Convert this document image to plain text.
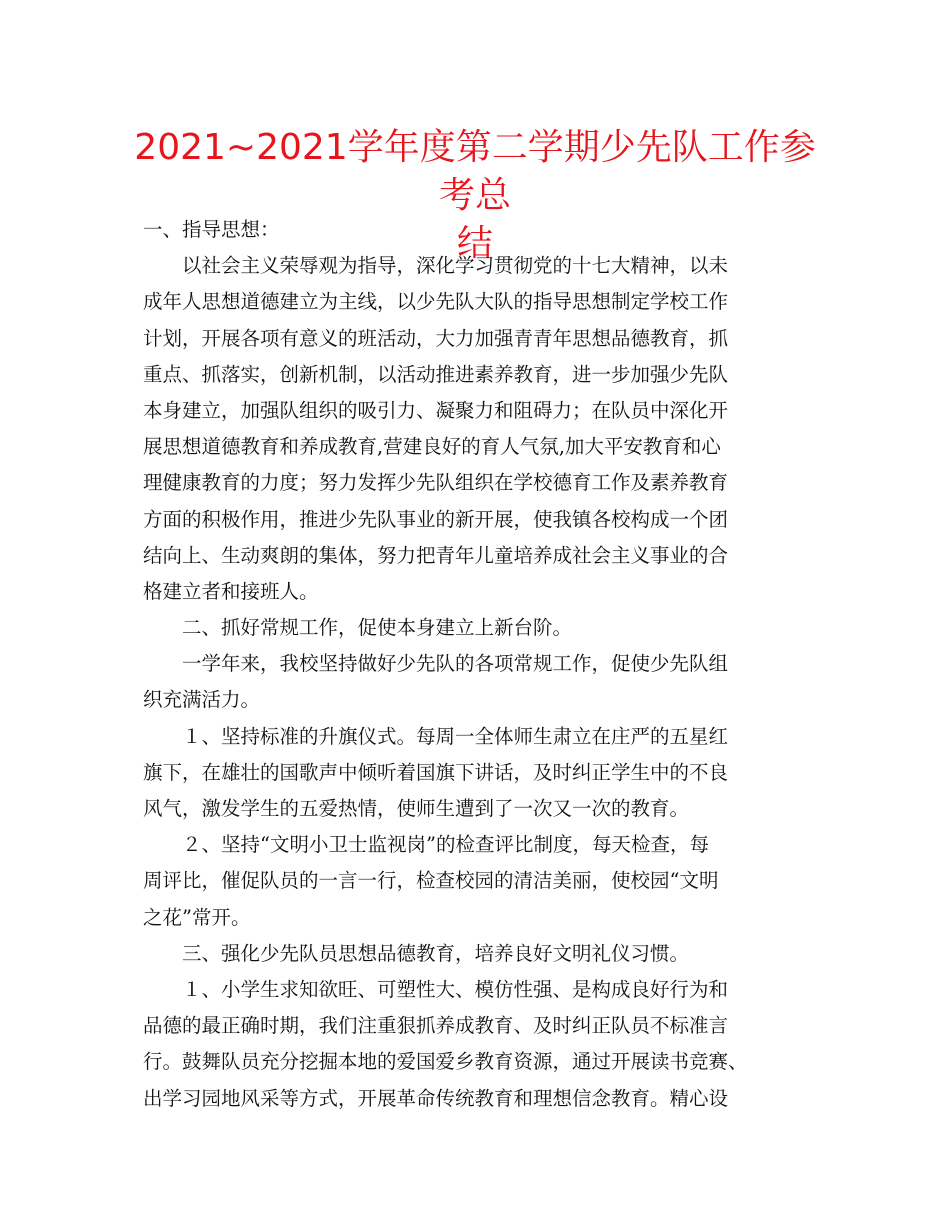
2021~2021学年度第二学期少先队工作参考总
结
一、指导思想：
　　以社会主义荣辱观为指导，深化学习贯彻党的十七大精神，以未
成年人思想道德建立为主线，以少先队大队的指导思想制定学校工作
计划，开展各项有意义的班活动，大力加强青青年思想品德教育，抓
重点、抓落实，创新机制，以活动推进素养教育，进一步加强少先队
本身建立，加强队组织的吸引力、凝聚力和阻碍力；在队员中深化开
展思想道德教育和养成教育,营建良好的育人气氛,加大平安教育和心
理健康教育的力度；努力发挥少先队组织在学校德育工作及素养教育
方面的积极作用，推进少先队事业的新开展，使我镇各校构成一个团
结向上、生动爽朗的集体，努力把青年儿童培养成社会主义事业的合
格建立者和接班人。
　　二、抓好常规工作，促使本身建立上新台阶。
　　一学年来，我校坚持做好少先队的各项常规工作，促使少先队组
织充满活力。
　　１、坚持标准的升旗仪式。每周一全体师生肃立在庄严的五星红
旗下，在雄壮的国歌声中倾听着国旗下讲话，及时纠正学生中的不良
风气，激发学生的五爱热情，使师生遭到了一次又一次的教育。
　　２、坚持“文明小卫士监视岗”的检查评比制度，每天检查，每
周评比，催促队员的一言一行，检查校园的清洁美丽，使校园“文明
之花”常开。
　　三、强化少先队员思想品德教育，培养良好文明礼仪习惯。
　　１、小学生求知欲旺、可塑性大、模仿性强、是构成良好行为和
品德的最正确时期，我们注重狠抓养成教育、及时纠正队员不标准言
行。鼓舞队员充分挖掘本地的爱国爱乡教育资源，通过开展读书竞赛、
出学习园地风采等方式，开展革命传统教育和理想信念教育。精心设
